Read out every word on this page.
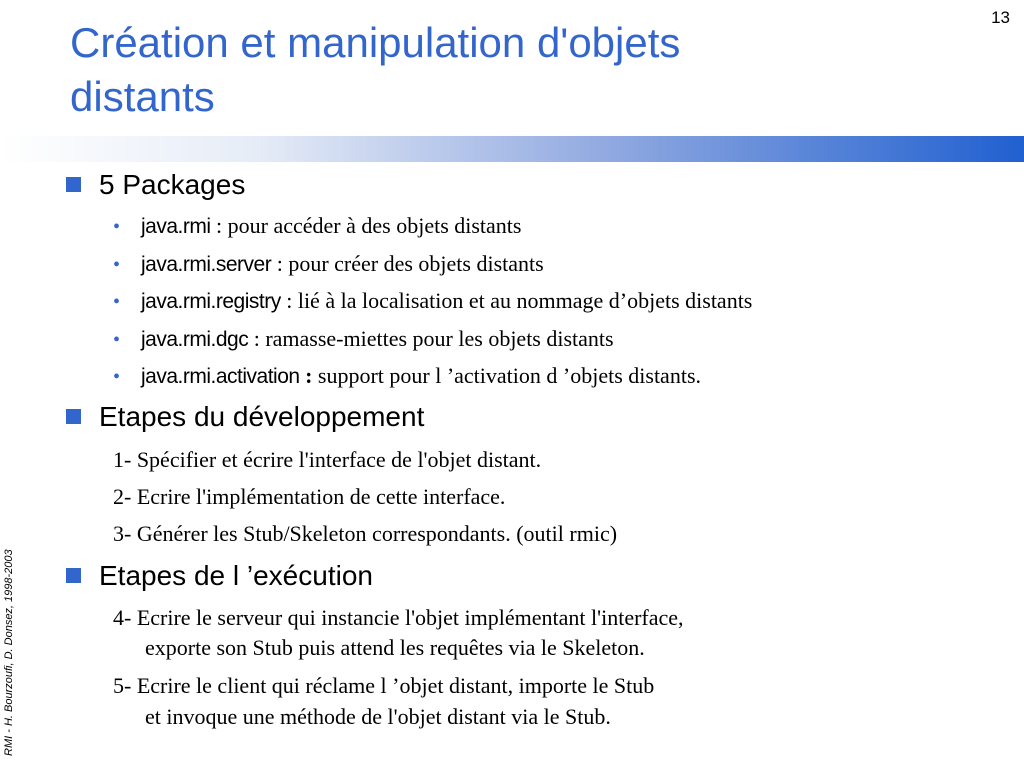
13
Création et manipulation d'objets
distants
5 Packages
• java.rmi : pour accéder à des objets distants
• java.rmi.server : pour créer des objets distants
• java.rmi.registry : lié à la localisation et au nommage d’objets distants
• java.rmi.dgc : ramasse-miettes pour les objets distants
• java.rmi.activation : support pour l ’activation d ’objets distants.
Etapes du développement
1- Spécifier et écrire l'interface de l'objet distant.
2- Ecrire l'implémentation de cette interface.
3- Générer les Stub/Skeleton correspondants. (outil rmic)
Etapes de l ’exécution
4- Ecrire le serveur qui instancie l'objet implémentant l'interface,
exporte son Stub puis attend les requêtes via le Skeleton.
5- Ecrire le client qui réclame l ’objet distant, importe le Stub
et invoque une méthode de l'objet distant via le Stub.
RMI - H. Bourzoufi, D. Donsez, 1998-2003
